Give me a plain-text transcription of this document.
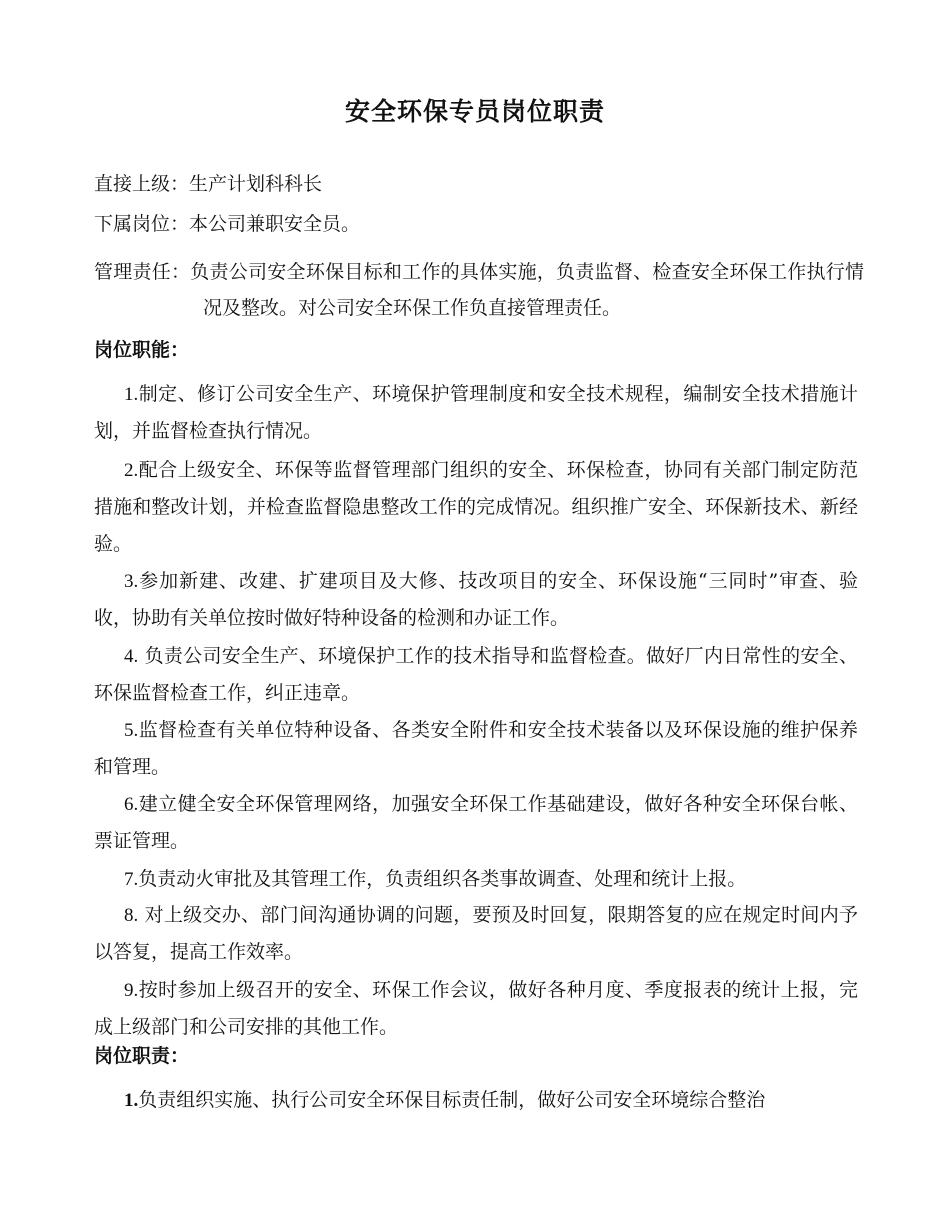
安全环保专员岗位职责

直接上级：生产计划科科长

下属岗位：本公司兼职安全员。

管理责任：负责公司安全环保目标和工作的具体实施，负责监督、检查安全环保工作执行情况及整改。对公司安全环保工作负直接管理责任。

岗位职能：

1.制定、修订公司安全生产、环境保护管理制度和安全技术规程，编制安全技术措施计划，并监督检查执行情况。

2.配合上级安全、环保等监督管理部门组织的安全、环保检查，协同有关部门制定防范措施和整改计划，并检查监督隐患整改工作的完成情况。组织推广安全、环保新技术、新经验。

3.参加新建、改建、扩建项目及大修、技改项目的安全、环保设施“三同时”审查、验收，协助有关单位按时做好特种设备的检测和办证工作。

4. 负责公司安全生产、环境保护工作的技术指导和监督检查。做好厂内日常性的安全、环保监督检查工作，纠正违章。

5.监督检查有关单位特种设备、各类安全附件和安全技术装备以及环保设施的维护保养和管理。

6.建立健全安全环保管理网络，加强安全环保工作基础建设，做好各种安全环保台帐、票证管理。

7.负责动火审批及其管理工作，负责组织各类事故调查、处理和统计上报。

8. 对上级交办、部门间沟通协调的问题，要预及时回复，限期答复的应在规定时间内予以答复，提高工作效率。

9.按时参加上级召开的安全、环保工作会议，做好各种月度、季度报表的统计上报，完成上级部门和公司安排的其他工作。

岗位职责：

1.负责组织实施、执行公司安全环保目标责任制，做好公司安全环境综合整治
